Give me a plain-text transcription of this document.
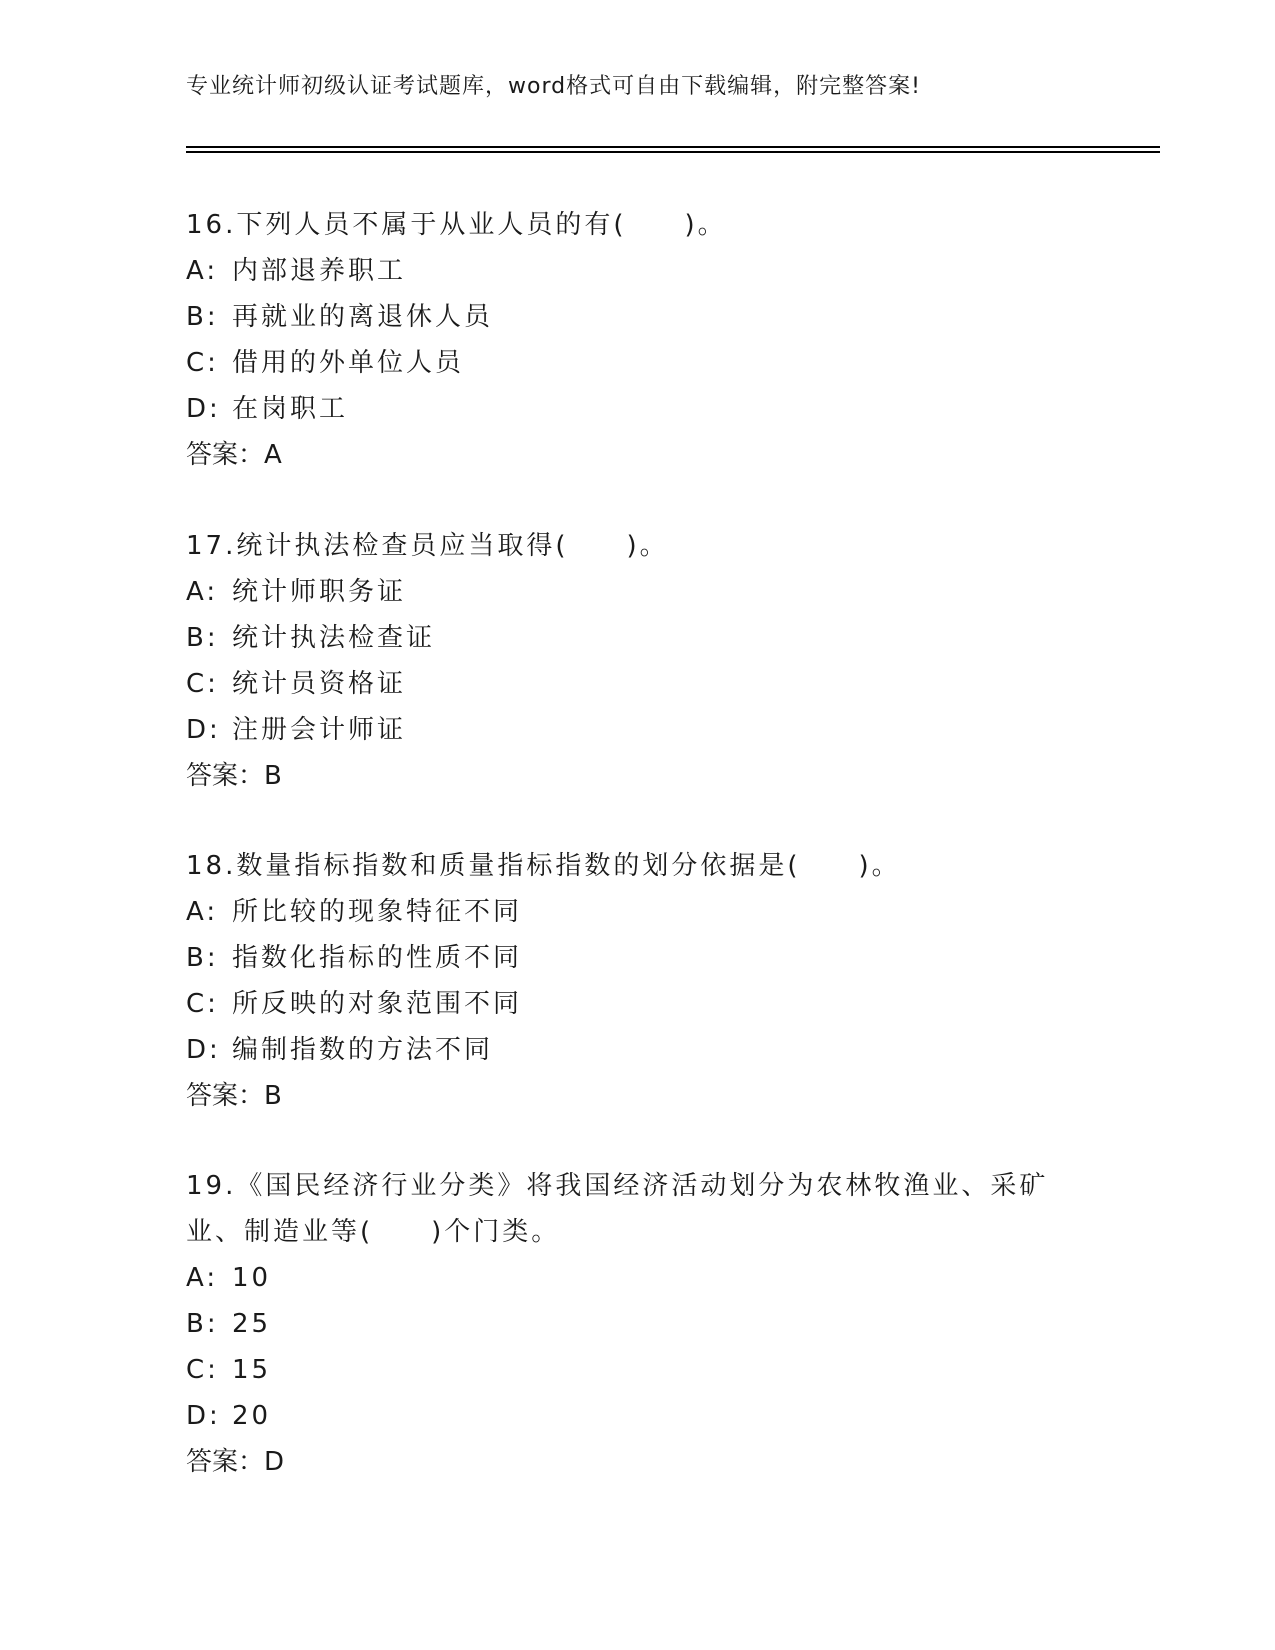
专业统计师初级认证考试题库，word格式可自由下载编辑，附完整答案!

16.下列人员不属于从业人员的有(　　)。

A: 内部退养职工

B: 再就业的离退休人员

C: 借用的外单位人员

D: 在岗职工

答案：A

17.统计执法检查员应当取得(　　)。

A: 统计师职务证

B: 统计执法检查证

C: 统计员资格证

D: 注册会计师证

答案：B

18.数量指标指数和质量指标指数的划分依据是(　　)。

A: 所比较的现象特征不同

B: 指数化指标的性质不同

C: 所反映的对象范围不同

D: 编制指数的方法不同

答案：B

19.《国民经济行业分类》将我国经济活动划分为农林牧渔业、采矿业、制造业等(　　)个门类。

A: 10

B: 25

C: 15

D: 20

答案：D
